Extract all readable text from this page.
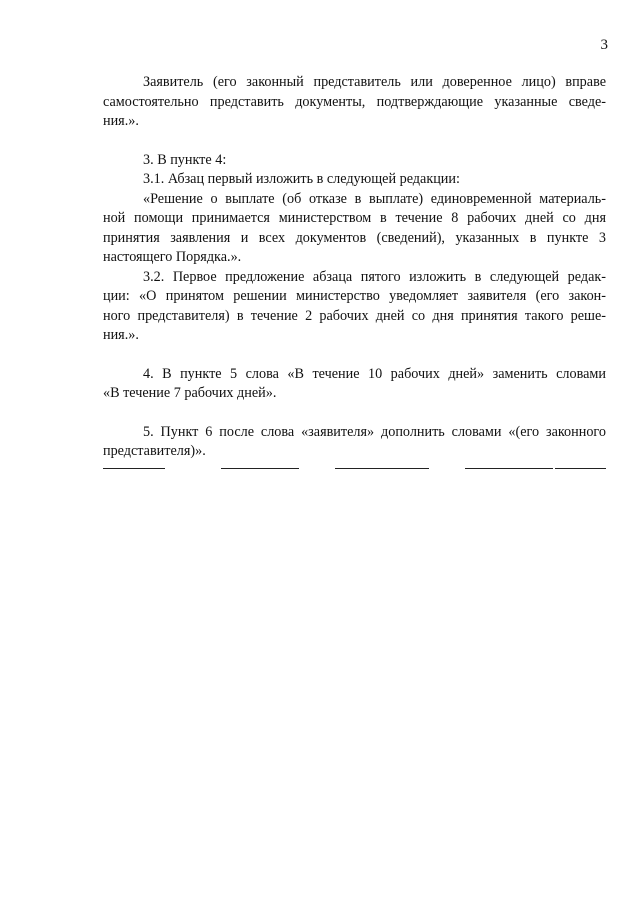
3
Заявитель (его законный представитель или доверенное лицо) вправе
самостоятельно представить документы, подтверждающие указанные сведе-
ния.».
3. В пункте 4:
3.1. Абзац первый изложить в следующей редакции:
«Решение о выплате (об отказе в выплате) единовременной материаль-
ной помощи принимается министерством в течение 8 рабочих дней со дня
принятия заявления и всех документов (сведений), указанных в пункте 3
настоящего Порядка.».
3.2. Первое предложение абзаца пятого изложить в следующей редак-
ции: «О принятом решении министерство уведомляет заявителя (его закон-
ного представителя) в течение 2 рабочих дней со дня принятия такого реше-
ния.».
4. В пункте 5 слова «В течение 10 рабочих дней» заменить словами
«В течение 7 рабочих дней».
5. Пункт 6 после слова «заявителя» дополнить словами «(его законного
представителя)».
